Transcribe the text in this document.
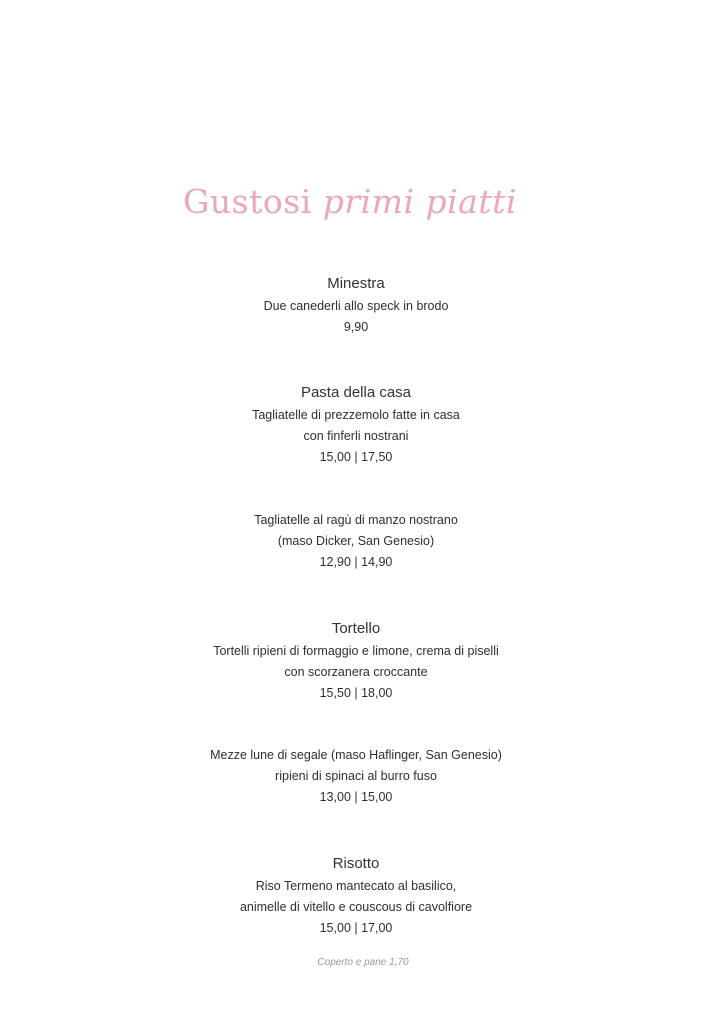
Gustosi primi piatti
Minestra
Due canederli allo speck in brodo
9,90
Pasta della casa
Tagliatelle di prezzemolo fatte in casa
con finferli nostrani
15,00 | 17,50
Tagliatelle al ragù di manzo nostrano
(maso Dicker, San Genesio)
12,90 | 14,90
Tortello
Tortelli ripieni di formaggio e limone, crema di piselli
con scorzanera croccante
15,50 | 18,00
Mezze lune di segale (maso Haflinger, San Genesio)
ripieni di spinaci al burro fuso
13,00 | 15,00
Risotto
Riso Termeno mantecato al basilico,
animelle di vitello e couscous di cavolfiore
15,00 | 17,00
Coperto e pane 1,70
